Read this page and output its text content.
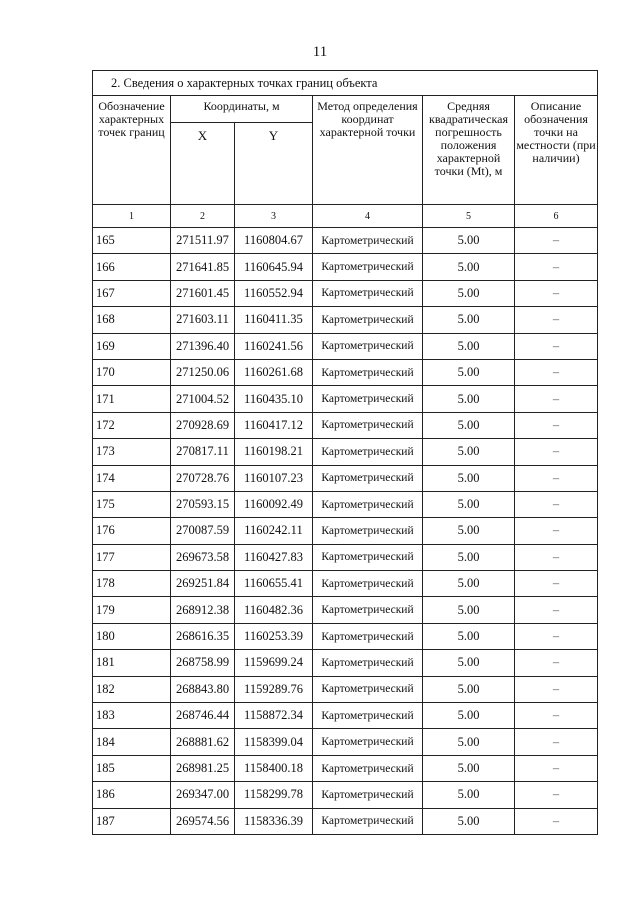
11
2. Сведения о характерных точках границ объекта					
Обозначение характерных точек границ	Координаты, м		Метод определения координат характерной точки	Средняя квадратическая погрешность положения характерной точки (Mt), м	Описание обозначения точки на местности (при наличии)
	X	Y			
1	2	3	4	5	6
165	271511.97	1160804.67	Картометрический	5.00	–
166	271641.85	1160645.94	Картометрический	5.00	–
167	271601.45	1160552.94	Картометрический	5.00	–
168	271603.11	1160411.35	Картометрический	5.00	–
169	271396.40	1160241.56	Картометрический	5.00	–
170	271250.06	1160261.68	Картометрический	5.00	–
171	271004.52	1160435.10	Картометрический	5.00	–
172	270928.69	1160417.12	Картометрический	5.00	–
173	270817.11	1160198.21	Картометрический	5.00	–
174	270728.76	1160107.23	Картометрический	5.00	–
175	270593.15	1160092.49	Картометрический	5.00	–
176	270087.59	1160242.11	Картометрический	5.00	–
177	269673.58	1160427.83	Картометрический	5.00	–
178	269251.84	1160655.41	Картометрический	5.00	–
179	268912.38	1160482.36	Картометрический	5.00	–
180	268616.35	1160253.39	Картометрический	5.00	–
181	268758.99	1159699.24	Картометрический	5.00	–
182	268843.80	1159289.76	Картометрический	5.00	–
183	268746.44	1158872.34	Картометрический	5.00	–
184	268881.62	1158399.04	Картометрический	5.00	–
185	268981.25	1158400.18	Картометрический	5.00	–
186	269347.00	1158299.78	Картометрический	5.00	–
187	269574.56	1158336.39	Картометрический	5.00	–
